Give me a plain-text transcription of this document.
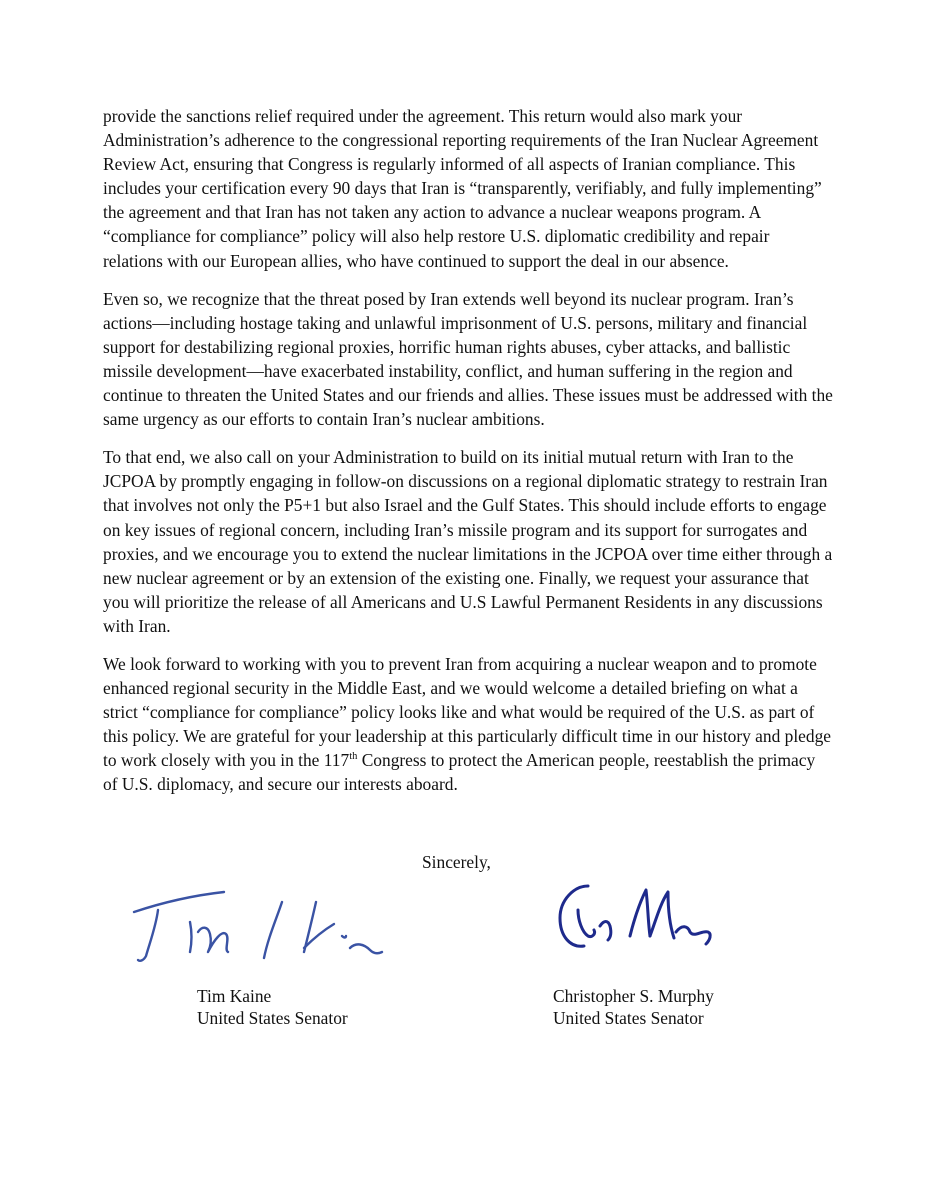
provide the sanctions relief required under the agreement. This return would also mark your Administration’s adherence to the congressional reporting requirements of the Iran Nuclear Agreement Review Act, ensuring that Congress is regularly informed of all aspects of Iranian compliance. This includes your certification every 90 days that Iran is “transparently, verifiably, and fully implementing” the agreement and that Iran has not taken any action to advance a nuclear weapons program. A “compliance for compliance” policy will also help restore U.S. diplomatic credibility and repair relations with our European allies, who have continued to support the deal in our absence.

Even so, we recognize that the threat posed by Iran extends well beyond its nuclear program. Iran’s actions—including hostage taking and unlawful imprisonment of U.S. persons, military and financial support for destabilizing regional proxies, horrific human rights abuses, cyber attacks, and ballistic missile development—have exacerbated instability, conflict, and human suffering in the region and continue to threaten the United States and our friends and allies. These issues must be addressed with the same urgency as our efforts to contain Iran’s nuclear ambitions.

To that end, we also call on your Administration to build on its initial mutual return with Iran to the JCPOA by promptly engaging in follow-on discussions on a regional diplomatic strategy to restrain Iran that involves not only the P5+1 but also Israel and the Gulf States. This should include efforts to engage on key issues of regional concern, including Iran’s missile program and its support for surrogates and proxies, and we encourage you to extend the nuclear limitations in the JCPOA over time either through a new nuclear agreement or by an extension of the existing one. Finally, we request your assurance that you will prioritize the release of all Americans and U.S Lawful Permanent Residents in any discussions with Iran.

We look forward to working with you to prevent Iran from acquiring a nuclear weapon and to promote enhanced regional security in the Middle East, and we would welcome a detailed briefing on what a strict “compliance for compliance” policy looks like and what would be required of the U.S. as part of this policy. We are grateful for your leadership at this particularly difficult time in our history and pledge to work closely with you in the 117th Congress to protect the American people, reestablish the primacy of U.S. diplomacy, and secure our interests aboard.

Sincerely,
Tim Kaine
United States Senator
Christopher S. Murphy
United States Senator
